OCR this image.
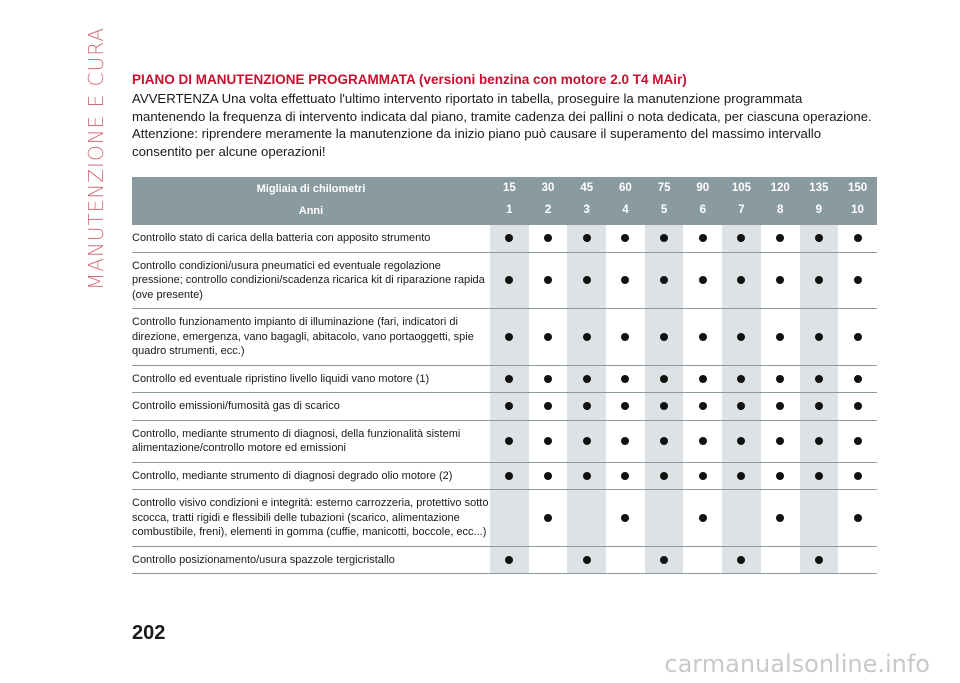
MANUTENZIONE E CURA PIANO DI MANUTENZIONE PROGRAMMATA (versioni benzina con motore 2.0 T4 MAir)
AVVERTENZA Una volta effettuato l'ultimo intervento riportato in tabella, proseguire la manutenzione programmata mantenendo la frequenza di intervento indicata dal piano, tramite cadenza dei pallini o nota dedicata, per ciascuna operazione. Attenzione: riprendere meramente la manutenzione da inizio piano può causare il superamento del massimo intervallo consentito per alcune operazioni!
Migliaia di chilometri
Anni
15
1
30
2
45
3
60
4
75
5
90
6
105
7
120
8
135
9
150
10
Controllo stato di carica della batteria con apposito strumento
Controllo condizioni/usura pneumatici ed eventuale regolazione pressione; controllo condizioni/scadenza ricarica kit di riparazione rapida (ove presente)
Controllo funzionamento impianto di illuminazione (fari, indicatori di direzione, emergenza, vano bagagli, abitacolo, vano portaoggetti, spie quadro strumenti, ecc.)
Controllo ed eventuale ripristino livello liquidi vano motore (1)
Controllo emissioni/fumosità gas di scarico
Controllo, mediante strumento di diagnosi, della funzionalità sistemi alimentazione/controllo motore ed emissioni
Controllo, mediante strumento di diagnosi degrado olio motore (2)
Controllo visivo condizioni e integrità: esterno carrozzeria, protettivo sotto scocca, tratti rigidi e flessibili delle tubazioni (scarico, alimentazione combustibile, freni), elementi in gomma (cuffie, manicotti, boccole, ecc...)
Controllo posizionamento/usura spazzole tergicristallo
202
carmanualsonline.info
